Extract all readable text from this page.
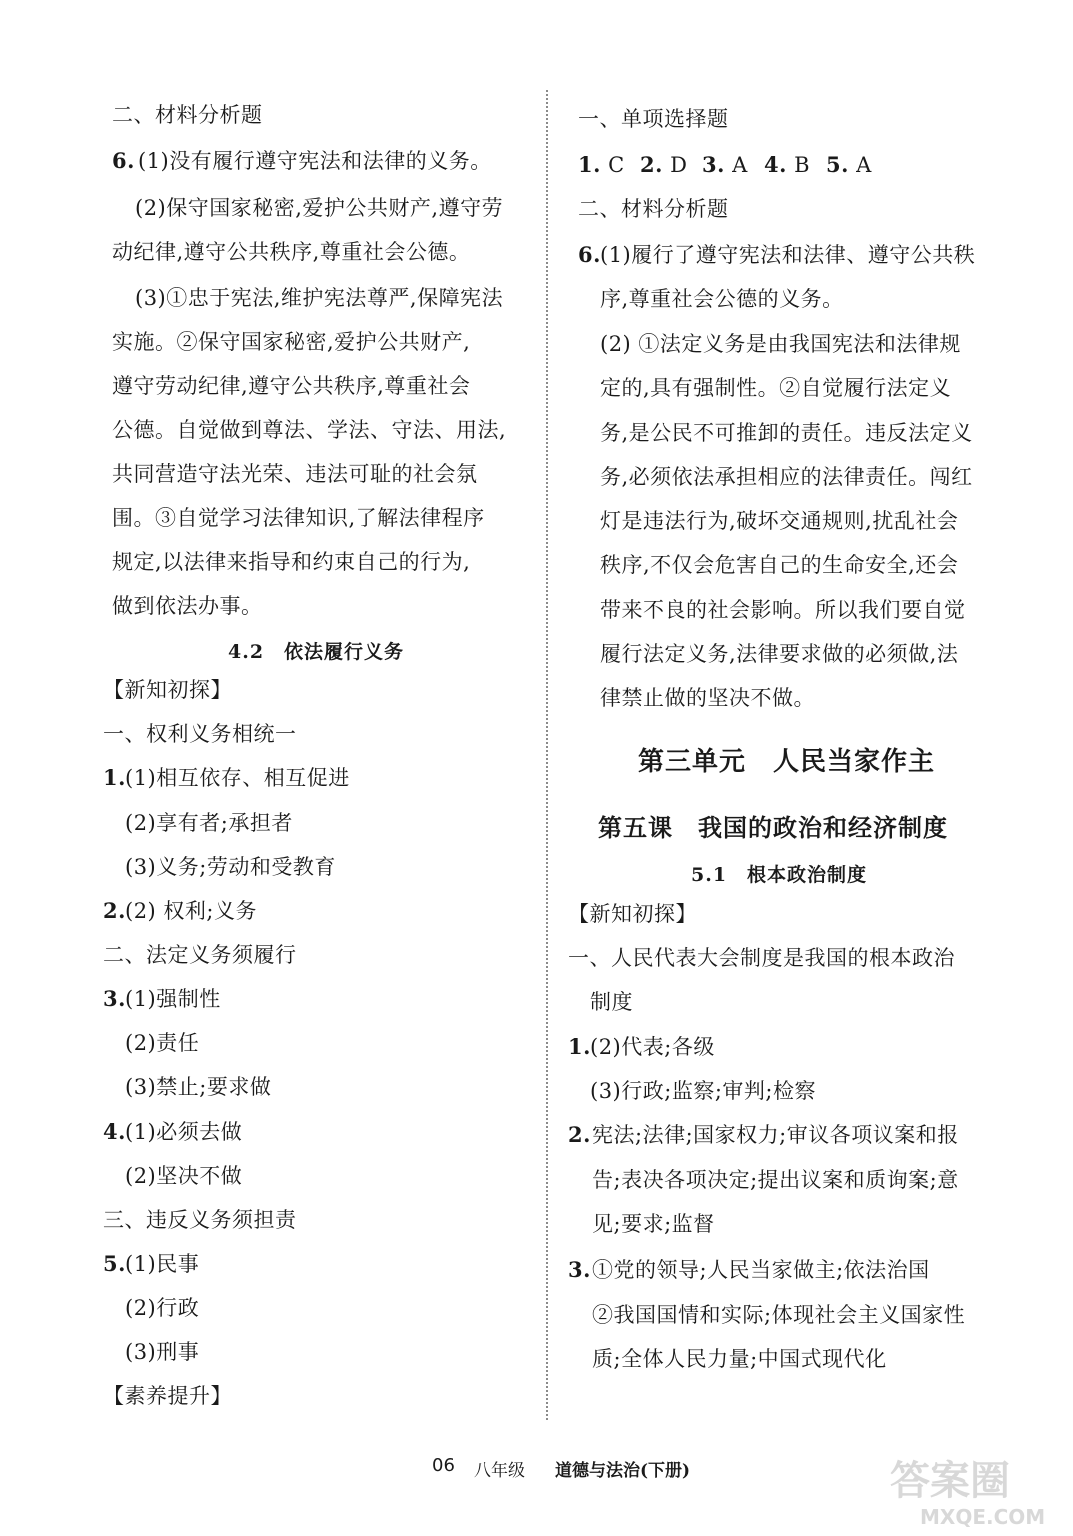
二、材料分析题
6. (1)没有履行遵守宪法和法律的义务。
(2)保守国家秘密,爱护公共财产,遵守劳
动纪律,遵守公共秩序,尊重社会公德。
(3)①忠于宪法,维护宪法尊严,保障宪法
实施。②保守国家秘密,爱护公共财产,
遵守劳动纪律,遵守公共秩序,尊重社会
公德。自觉做到尊法、学法、守法、用法,
共同营造守法光荣、违法可耻的社会氛
围。③自觉学习法律知识,了解法律程序
规定,以法律来指导和约束自己的行为,
做到依法办事。
4.2　依法履行义务
【新知初探】
一、权利义务相统一
1. (1)相互依存、相互促进
(2)享有者;承担者
(3)义务;劳动和受教育
2. (2) 权利;义务
二、法定义务须履行
3. (1)强制性
(2)责任
(3)禁止;要求做
4. (1)必须去做
(2)坚决不做
三、违反义务须担责
5. (1)民事
(2)行政
(3)刑事
【素养提升】
一、单项选择题
1. C 2. D 3. A 4. B 5. A
二、材料分析题
6. (1)履行了遵守宪法和法律、遵守公共秩
序,尊重社会公德的义务。
(2) ①法定义务是由我国宪法和法律规
定的,具有强制性。②自觉履行法定义
务,是公民不可推卸的责任。违反法定义
务,必须依法承担相应的法律责任。闯红
灯是违法行为,破坏交通规则,扰乱社会
秩序,不仅会危害自己的生命安全,还会
带来不良的社会影响。所以我们要自觉
履行法定义务,法律要求做的必须做,法
律禁止做的坚决不做。
第三单元　人民当家作主
第五课　我国的政治和经济制度
5.1　根本政治制度
【新知初探】
一、人民代表大会制度是我国的根本政治
制度
1. (2)代表;各级
(3)行政;监察;审判;检察
2. 宪法;法律;国家权力;审议各项议案和报
告;表决各项决定;提出议案和质询案;意
见;要求;监督
3. ①党的领导;人民当家做主;依法治国
②我国国情和实际;体现社会主义国家性
质;全体人民力量;中国式现代化
06 八年级 道德与法治(下册)	答案圈
MXQE.COM
